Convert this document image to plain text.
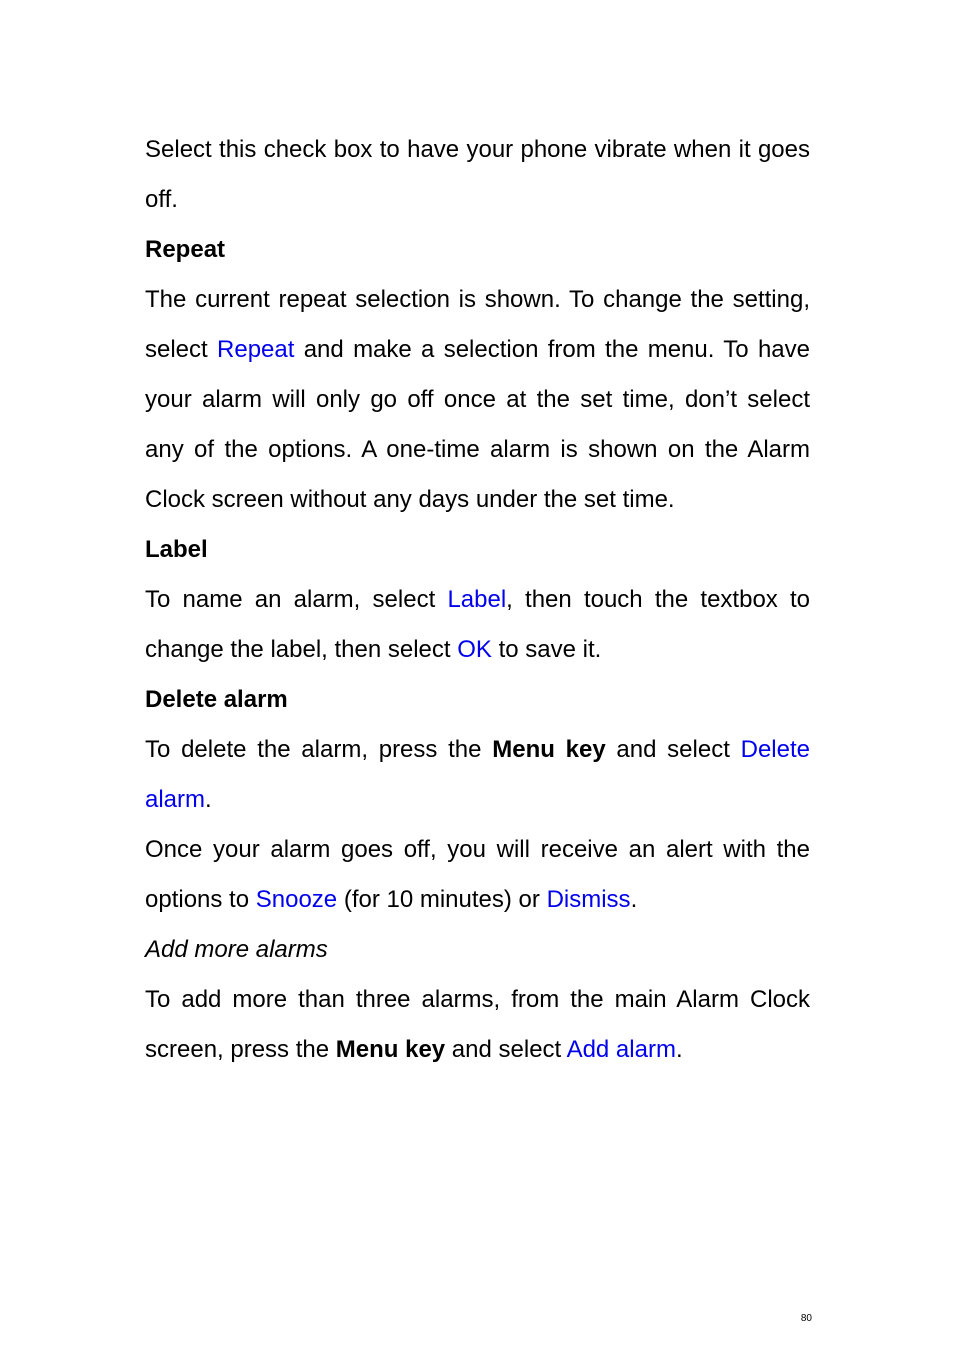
Select this check box to have your phone vibrate when it goes off.

Repeat

The current repeat selection is shown. To change the setting, select Repeat and make a selection from the menu. To have your alarm will only go off once at the set time, don’t select any of the options. A one-time alarm is shown on the Alarm Clock screen without any days under the set time.

Label

To name an alarm, select Label, then touch the textbox to change the label, then select OK to save it.

Delete alarm

To delete the alarm, press the Menu key and select Delete alarm.

Once your alarm goes off, you will receive an alert with the options to Snooze (for 10 minutes) or Dismiss.

Add more alarms

To add more than three alarms, from the main Alarm Clock screen, press the Menu key and select Add alarm.

80
